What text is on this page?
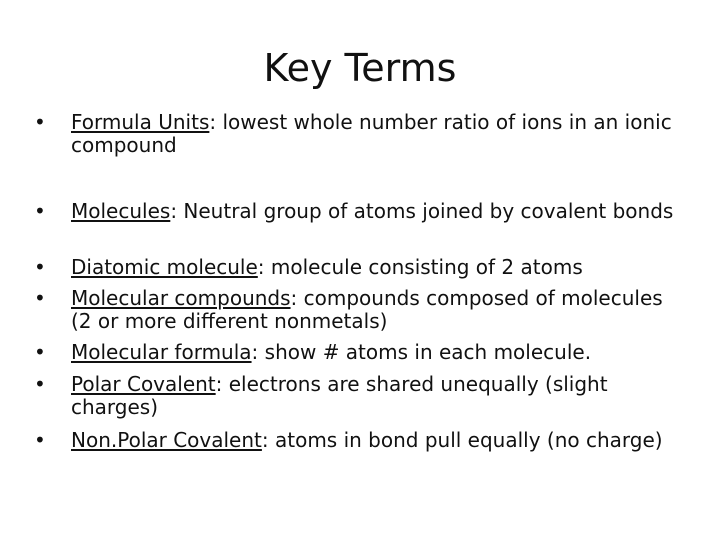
Key Terms
• Formula Units: lowest whole number ratio of ions in an ionic compound
• Molecules: Neutral group of atoms joined by covalent bonds
• Diatomic molecule: molecule consisting of 2 atoms
• Molecular compounds: compounds composed of molecules (2 or more different nonmetals)
• Molecular formula: show # atoms in each molecule.
• Polar Covalent: electrons are shared unequally (slight charges)
• Non.Polar Covalent: atoms in bond pull equally (no charge)
